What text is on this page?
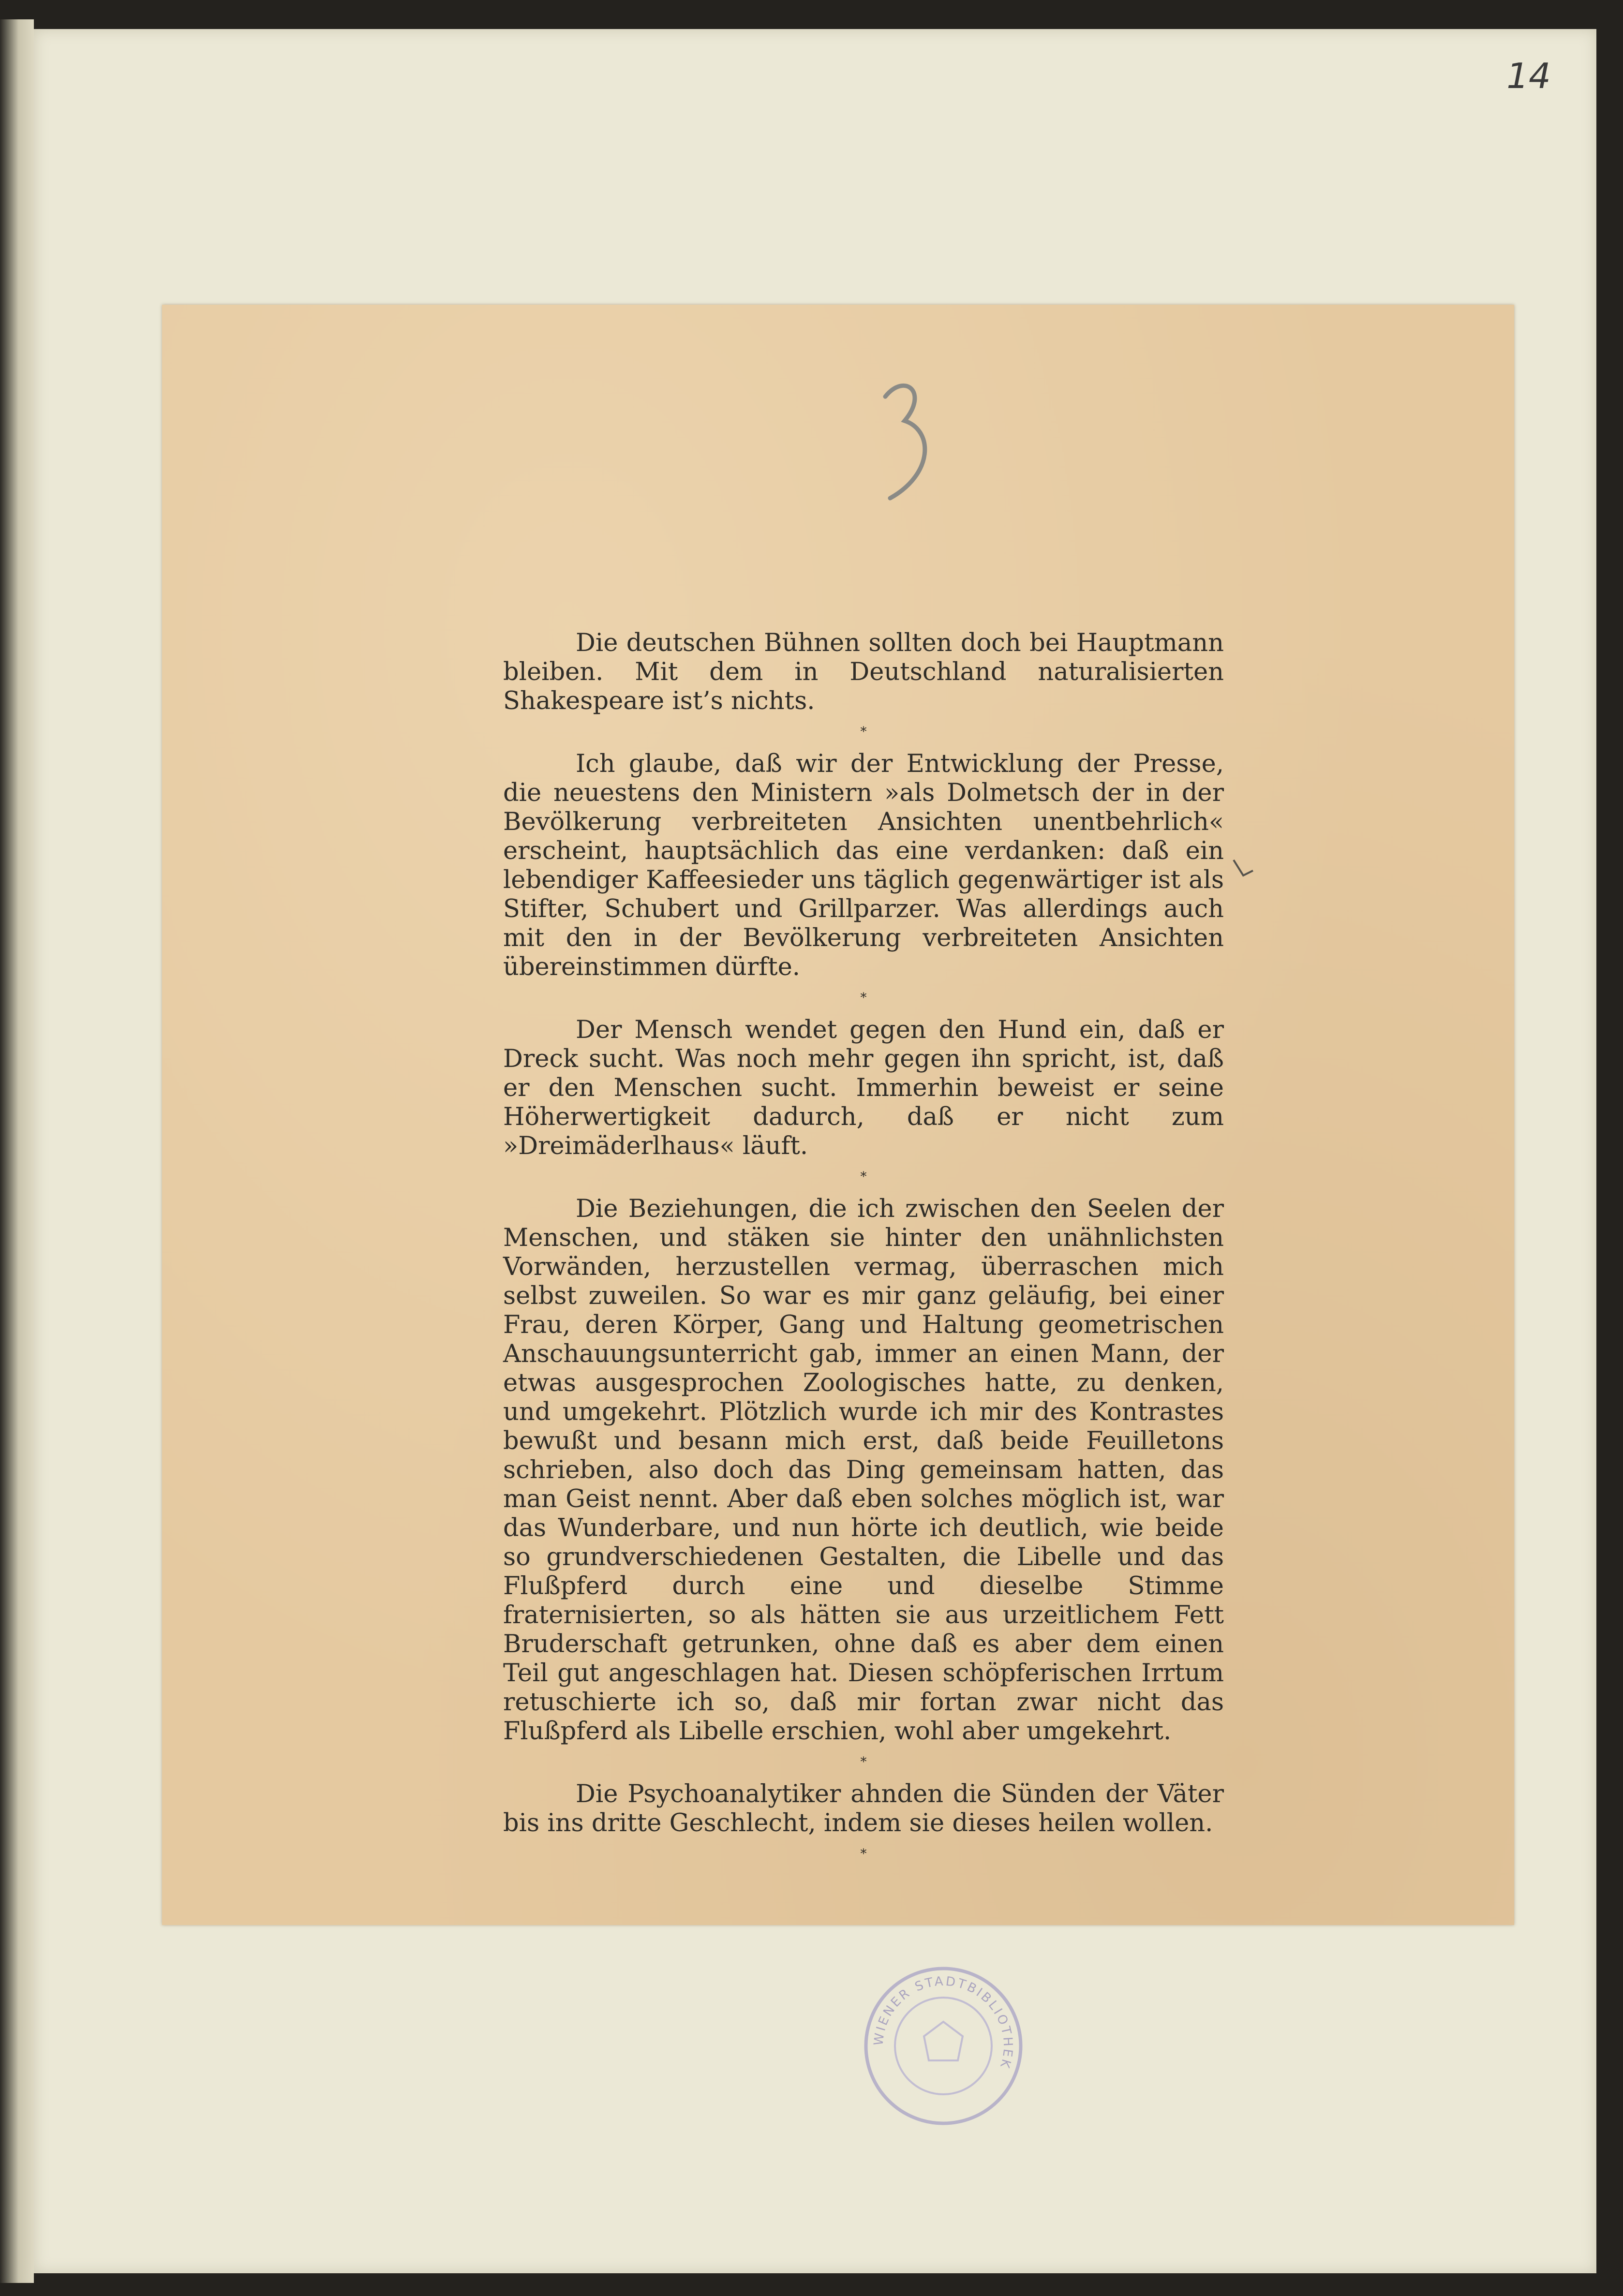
14

Die deutschen Bühnen sollten doch bei Hauptmann bleiben. Mit dem in Deutschland naturalisierten Shakespeare ist’s nichts.

*

Ich glaube, daß wir der Entwicklung der Presse, die neuestens den Ministern »als Dolmetsch der in der Bevölkerung verbreiteten Ansichten unentbehrlich« erscheint, hauptsächlich das eine verdanken: daß ein lebendiger Kaffeesieder uns täglich gegenwärtiger ist als Stifter, Schubert und Grillparzer. Was allerdings auch mit den in der Bevölkerung verbreiteten Ansichten übereinstimmen dürfte.

*

Der Mensch wendet gegen den Hund ein, daß er Dreck sucht. Was noch mehr gegen ihn spricht, ist, daß er den Menschen sucht. Immerhin beweist er seine Höherwertigkeit dadurch, daß er nicht zum »Dreimäderlhaus« läuft.

*

Die Beziehungen, die ich zwischen den Seelen der Menschen, und stäken sie hinter den unähnlichsten Vorwänden, herzustellen vermag, überraschen mich selbst zuweilen. So war es mir ganz geläufig, bei einer Frau, deren Körper, Gang und Haltung geometrischen Anschauungsunterricht gab, immer an einen Mann, der etwas ausgesprochen Zoologisches hatte, zu denken, und umgekehrt. Plötzlich wurde ich mir des Kontrastes bewußt und besann mich erst, daß beide Feuilletons schrieben, also doch das Ding gemeinsam hatten, das man Geist nennt. Aber daß eben solches möglich ist, war das Wunderbare, und nun hörte ich deutlich, wie beide so grundverschiedenen Gestalten, die Libelle und das Flußpferd durch eine und dieselbe Stimme fraternisierten, so als hätten sie aus urzeitlichem Fett Bruderschaft getrunken, ohne daß es aber dem einen Teil gut angeschlagen hat. Diesen schöpferischen Irrtum retuschierte ich so, daß mir fortan zwar nicht das Flußpferd als Libelle erschien, wohl aber umgekehrt.

*

Die Psychoanalytiker ahnden die Sünden der Väter bis ins dritte Geschlecht, indem sie dieses heilen wollen.

*
WIENER STADTBIBLIOTHEK
